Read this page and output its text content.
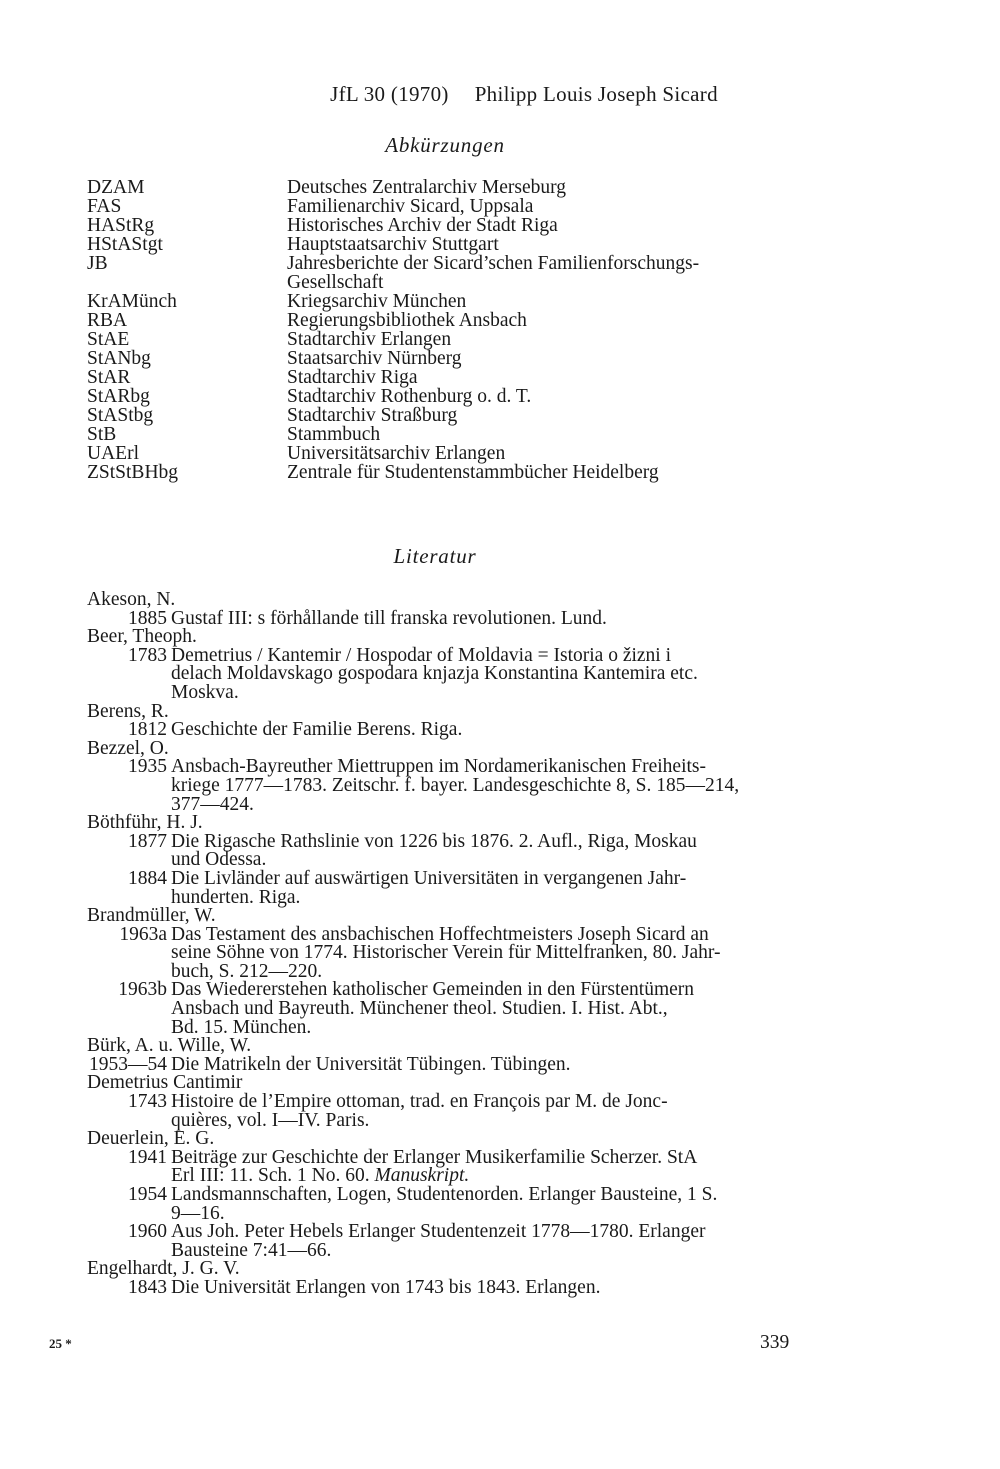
JfL 30 (1970) Philipp Louis Joseph Sicard
Abkürzungen
DZAM	Deutsches Zentralarchiv Merseburg
FAS	Familienarchiv Sicard, Uppsala
HAStRg	Historisches Archiv der Stadt Riga
HStAStgt	Hauptstaatsarchiv Stuttgart
JB	Jahresberichte der Sicard’schen Familienforschungs-
Gesellschaft
KrAMünch	Kriegsarchiv München
RBA	Regierungsbibliothek Ansbach
StAE	Stadtarchiv Erlangen
StANbg	Staatsarchiv Nürnberg
StAR	Stadtarchiv Riga
StARbg	Stadtarchiv Rothenburg o. d. T.
StAStbg	Stadtarchiv Straßburg
StB	Stammbuch
UAErl	Universitätsarchiv Erlangen
ZStStBHbg	Zentrale für Studentenstammbücher Heidelberg
Literatur
Akeson, N.
1885 Gustaf III: s förhållande till franska revolutionen. Lund.
Beer, Theoph.
1783 Demetrius / Kantemir / Hospodar of Moldavia = Istoria o žizni i
delach Moldavskago gospodara knjazja Konstantina Kantemira etc.
Moskva.
Berens, R.
1812 Geschichte der Familie Berens. Riga.
Bezzel, O.
1935 Ansbach-Bayreuther Miettruppen im Nordamerikanischen Freiheits-
kriege 1777—1783. Zeitschr. f. bayer. Landesgeschichte 8, S. 185—214,
377—424.
Böthführ, H. J.
1877 Die Rigasche Rathslinie von 1226 bis 1876. 2. Aufl., Riga, Moskau
und Odessa.
1884 Die Livländer auf auswärtigen Universitäten in vergangenen Jahr-
hunderten. Riga.
Brandmüller, W.
1963a Das Testament des ansbachischen Hoffechtmeisters Joseph Sicard an
seine Söhne von 1774. Historischer Verein für Mittelfranken, 80. Jahr-
buch, S. 212—220.
1963b Das Wiedererstehen katholischer Gemeinden in den Fürstentümern
Ansbach und Bayreuth. Münchener theol. Studien. I. Hist. Abt.,
Bd. 15. München.
Bürk, A. u. Wille, W.
1953—54 Die Matrikeln der Universität Tübingen. Tübingen.
Demetrius Cantimir
1743 Histoire de l’Empire ottoman, trad. en François par M. de Jonc-
quières, vol. I—IV. Paris.
Deuerlein, E. G.
1941 Beiträge zur Geschichte der Erlanger Musikerfamilie Scherzer. StA
Erl III: 11. Sch. 1 No. 60. Manuskript.
1954 Landsmannschaften, Logen, Studentenorden. Erlanger Bausteine, 1 S.
9—16.
1960 Aus Joh. Peter Hebels Erlanger Studentenzeit 1778—1780. Erlanger
Bausteine 7:41—66.
Engelhardt, J. G. V.
1843 Die Universität Erlangen von 1743 bis 1843. Erlangen.
25 *	339
